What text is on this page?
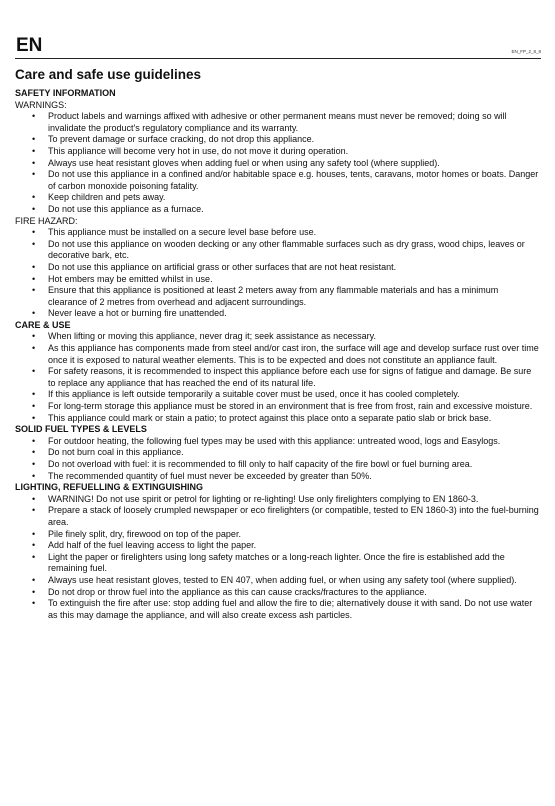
EN	EN_FP_2_8_8
Care and safe use guidelines
SAFETY INFORMATION
WARNINGS:
• Product labels and warnings affixed with adhesive or other permanent means must never be removed; doing so will invalidate the product's regulatory compliance and its warranty.
• To prevent damage or surface cracking, do not drop this appliance.
• This appliance will become very hot in use, do not move it during operation.
• Always use heat resistant gloves when adding fuel or when using any safety tool (where supplied).
• Do not use this appliance in a confined and/or habitable space e.g. houses, tents, caravans, motor homes or boats. Danger of carbon monoxide poisoning fatality.
• Keep children and pets away.
• Do not use this appliance as a furnace.
FIRE HAZARD:
• This appliance must be installed on a secure level base before use.
• Do not use this appliance on wooden decking or any other flammable surfaces such as dry grass, wood chips, leaves or decorative bark, etc.
• Do not use this appliance on artificial grass or other surfaces that are not heat resistant.
• Hot embers may be emitted whilst in use.
• Ensure that this appliance is positioned at least 2 meters away from any flammable materials and has a minimum clearance of 2 metres from overhead and adjacent surroundings.
• Never leave a hot or burning fire unattended.
CARE & USE
• When lifting or moving this appliance, never drag it; seek assistance as necessary.
• As this appliance has components made from steel and/or cast iron, the surface will age and develop surface rust over time once it is exposed to natural weather elements. This is to be expected and does not constitute an appliance fault.
• For safety reasons, it is recommended to inspect this appliance before each use for signs of fatigue and damage. Be sure to replace any appliance that has reached the end of its natural life.
• If this appliance is left outside temporarily a suitable cover must be used, once it has cooled completely.
• For long-term storage this appliance must be stored in an environment that is free from frost, rain and excessive moisture.
• This appliance could mark or stain a patio; to protect against this place onto a separate patio slab or brick base.
SOLID FUEL TYPES & LEVELS
• For outdoor heating, the following fuel types may be used with this appliance: untreated wood, logs and Easylogs.
• Do not burn coal in this appliance.
• Do not overload with fuel: it is recommended to fill only to half capacity of the fire bowl or fuel burning area.
• The recommended quantity of fuel must never be exceeded by greater than 50%.
LIGHTING, REFUELLING & EXTINGUISHING
• WARNING! Do not use spirit or petrol for lighting or re-lighting! Use only firelighters complying to EN 1860-3.
• Prepare a stack of loosely crumpled newspaper or eco firelighters (or compatible, tested to EN 1860-3) into the fuel-burning area.
• Pile finely split, dry, firewood on top of the paper.
• Add half of the fuel leaving access to light the paper.
• Light the paper or firelighters using long safety matches or a long-reach lighter. Once the fire is established add the remaining fuel.
• Always use heat resistant gloves, tested to EN 407, when adding fuel, or when using any safety tool (where supplied).
• Do not drop or throw fuel into the appliance as this can cause cracks/fractures to the appliance.
• To extinguish the fire after use: stop adding fuel and allow the fire to die; alternatively douse it with sand. Do not use water as this may damage the appliance, and will also create excess ash particles.
